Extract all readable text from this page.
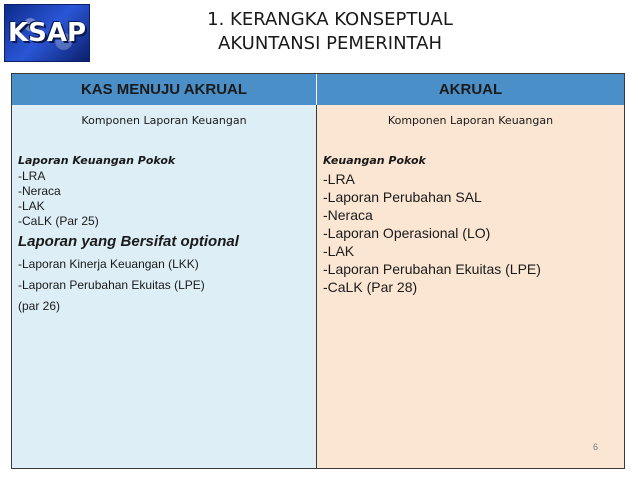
KSAP	1. KERANGKA KONSEPTUAL
AKUNTANSI PEMERINTAH
KAS MENUJU AKRUAL	AKRUAL
Komponen Laporan Keuangan
Laporan Keuangan Pokok
-LRA
-Neraca
-LAK
-CaLK (Par 25)
Laporan yang Bersifat optional
-Laporan Kinerja Keuangan (LKK)
-Laporan Perubahan Ekuitas (LPE)
(par 26)
Komponen Laporan Keuangan
Keuangan Pokok
-LRA
-Laporan Perubahan SAL
-Neraca
-Laporan Operasional (LO)
-LAK
-Laporan Perubahan Ekuitas (LPE)
-CaLK (Par 28)
6
